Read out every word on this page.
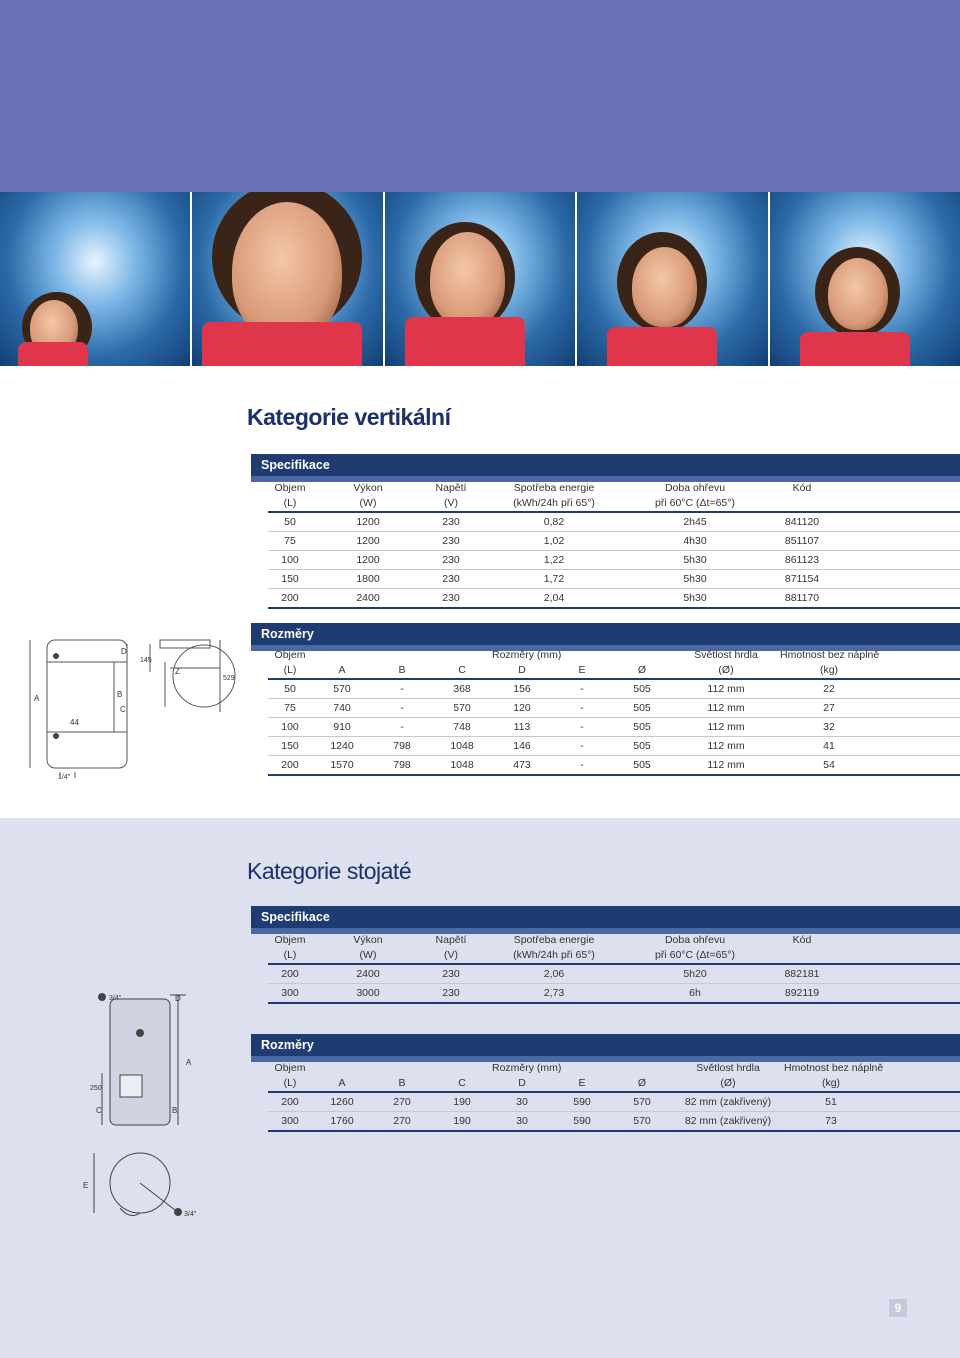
Kategorie vertikální
Specifikace
Objem	Výkon	Napětí	Spotřeba energie	Doba ohřevu	Kód	
(L)	(W)	(V)	(kWh/24h při 65°)	při 60°C (Δt=65°)		
50	1200	230	0,82	2h45	841120	
75	1200	230	1,02	4h30	851107	
100	1200	230	1,22	5h30	861123	
150	1800	230	1,72	5h30	871154	
200	2400	230	2,04	5h30	881170	
Rozměry
Objem				Rozměry (mm)			Světlost hrdla	Hmotnost bez náplně	
(L)	A	B	C	D	E	Ø	(Ø)	(kg)	
50	570	-	368	156	-	505	112 mm	22	
75	740	-	570	120	-	505	112 mm	27	
100	910	-	748	113	-	505	112 mm	32	
150	1240	798	1048	146	-	505	112 mm	41	
200	1570	798	1048	473	-	505	112 mm	54	
A	B
C
D
44
1/4"
145
529
Z
Kategorie stojaté
Specifikace
Objem	Výkon	Napětí	Spotřeba energie	Doba ohřevu	Kód	
(L)	(W)	(V)	(kWh/24h při 65°)	při 60°C (Δt=65°)		
200	2400	230	2,06	5h20	882181	
300	3000	230	2,73	6h	892119	
Rozměry
Objem				Rozměry (mm)			Světlost hrdla	Hmotnost bez náplně	
(L)	A	B	C	D	E	Ø	(Ø)	(kg)	
200	1260	270	190	30	590	570	82 mm (zakřivený)	51	
300	1760	270	190	30	590	570	82 mm (zakřivený)	73	
3/4"	D
A
B
C
250
E
3/4"
9
